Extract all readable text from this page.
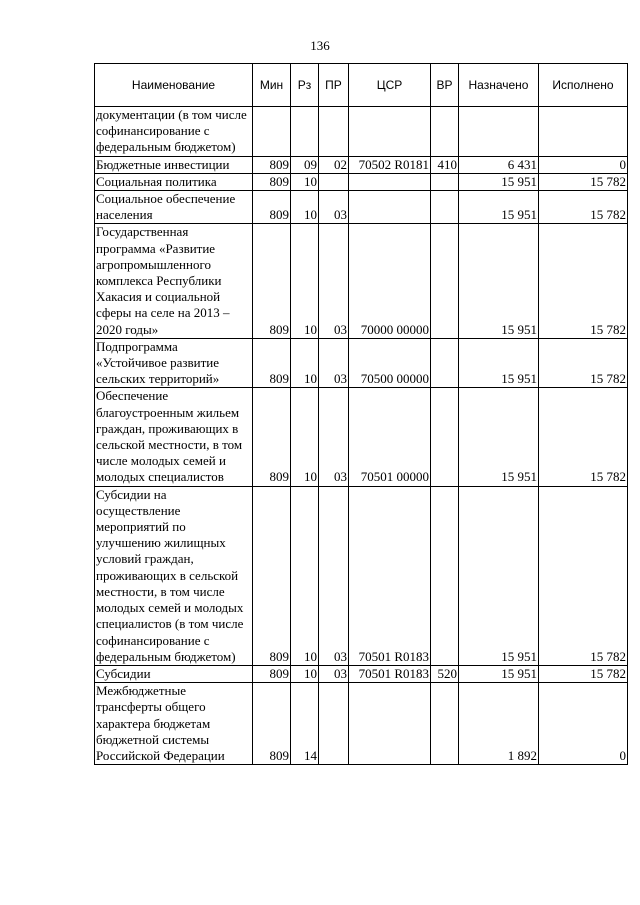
136
Наименование	Мин	Рз	ПР	ЦСР	ВР	Назначено	Исполнено
документации (в том числе софинансирование с федеральным бюджетом)							
Бюджетные инвестиции	809	09	02	70502 R0181	410	6 431	0
Социальная политика	809	10				15 951	15 782
Социальное обеспечение населения	809	10	03			15 951	15 782
Государственная программа «Развитие агропромышленного комплекса Республики Хакасия и социальной сферы на селе на 2013 – 2020 годы»	809	10	03	70000 00000		15 951	15 782
Подпрограмма «Устойчивое развитие сельских территорий»	809	10	03	70500 00000		15 951	15 782
Обеспечение благоустроенным жильем граждан, проживающих в сельской местности, в том числе молодых семей и молодых специалистов	809	10	03	70501 00000		15 951	15 782
Субсидии на осуществление мероприятий по улучшению жилищных условий граждан, проживающих в сельской местности, в том числе молодых семей и молодых специалистов (в том числе софинансирование с федеральным бюджетом)	809	10	03	70501 R0183		15 951	15 782
Субсидии	809	10	03	70501 R0183	520	15 951	15 782
Межбюджетные трансферты общего характера бюджетам бюджетной системы Российской Федерации	809	14				1 892	0
